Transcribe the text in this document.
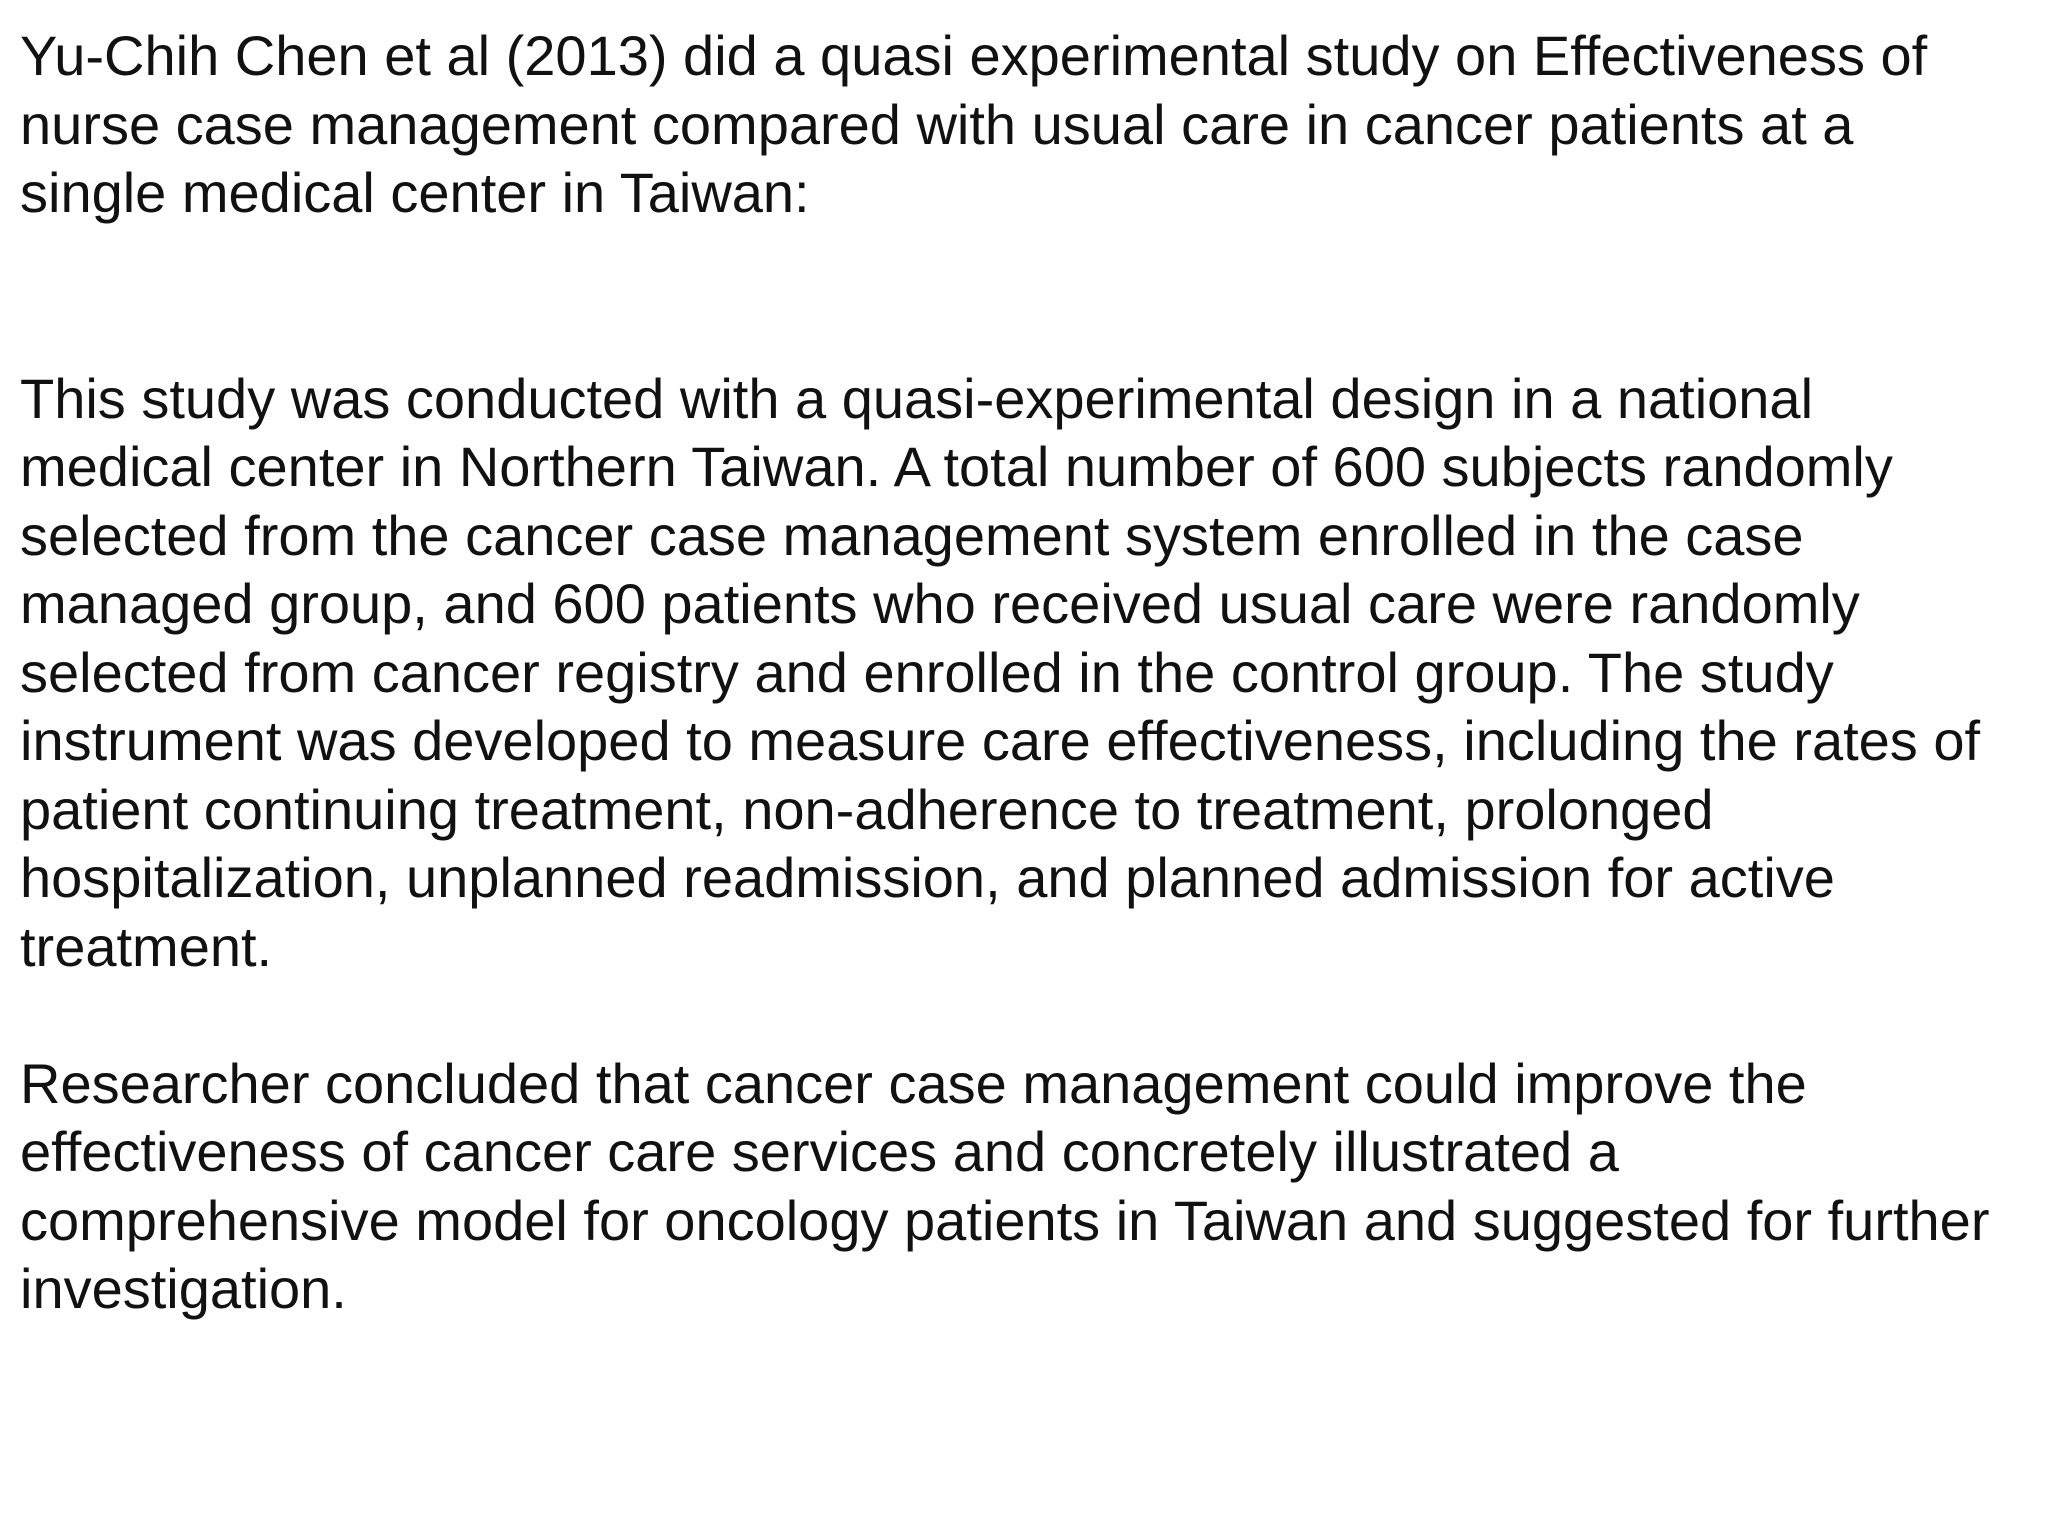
Yu-Chih Chen et al (2013) did a quasi experimental study on Effectiveness of
nurse case management compared with usual care in cancer patients at a
single medical center in Taiwan:
This study was conducted with a quasi-experimental design in a national
medical center in Northern Taiwan. A total number of 600 subjects randomly
selected from the cancer case management system enrolled in the case
managed group, and 600 patients who received usual care were randomly
selected from cancer registry and enrolled in the control group. The study
instrument was developed to measure care effectiveness, including the rates of
patient continuing treatment, non-adherence to treatment, prolonged
hospitalization, unplanned readmission, and planned admission for active
treatment.
Researcher concluded that cancer case management could improve the
effectiveness of cancer care services and concretely illustrated a
comprehensive model for oncology patients in Taiwan and suggested for further
investigation.
